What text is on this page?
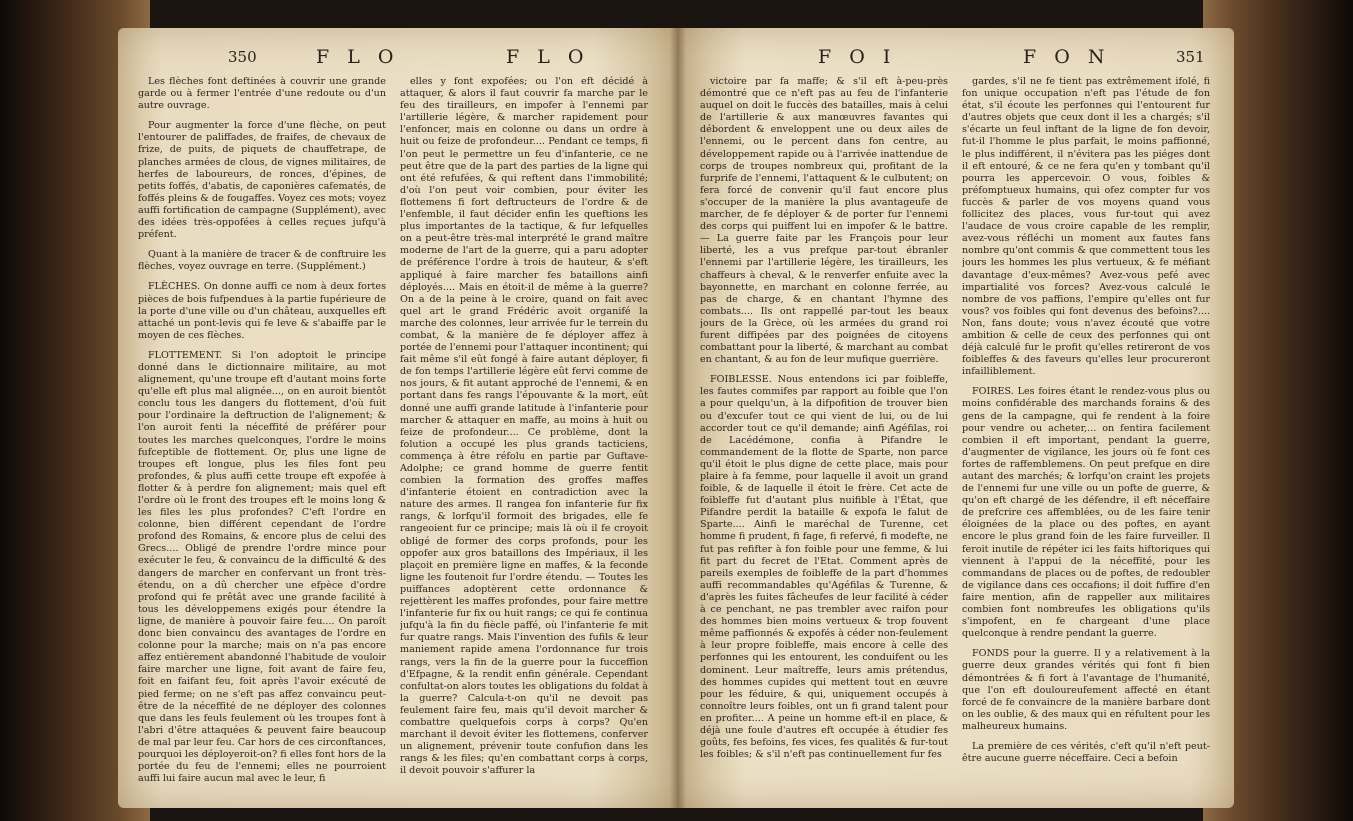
350	F L O	F L O

Les flèches font deftinées à couvrir une grande garde ou à fermer l'entrée d'une redoute ou d'un autre ouvrage.

Pour augmenter la force d'une flèche, on peut l'entourer de paliffades, de fraifes, de chevaux de frize, de puits, de piquets de chauffetrape, de planches armées de clous, de vignes militaires, de herfes de laboureurs, de ronces, d'épines, de petits foffés, d'abatis, de caponières cafematés, de foffés pleins & de fougaffes. Voyez ces mots; voyez auffi fortification de campagne (Supplément), avec des idées très-oppofées à celles reçues jufqu'à préfent.

Quant à la manière de tracer & de conftruire les flèches, voyez ouvrage en terre. (Supplément.)

FLÈCHES. On donne auffi ce nom à deux fortes pièces de bois fufpendues à la partie fupérieure de la porte d'une ville ou d'un château, auxquelles eft attaché un pont-levis qui fe leve & s'abaiffe par le moyen de ces flèches.

FLOTTEMENT. Si l'on adoptoit le principe donné dans le dictionnaire militaire, au mot alignement, qu'une troupe eft d'autant moins forte qu'elle eft plus mal alignée..., on en auroit bientôt conclu tous les dangers du flottement, d'où fuit pour l'ordinaire la deftruction de l'alignement; & l'on auroit fenti la néceffité de préférer pour toutes les marches quelconques, l'ordre le moins fufceptible de flottement. Or, plus une ligne de troupes eft longue, plus les files font peu profondes, & plus auffi cette troupe eft expofée à flotter & à perdre fon alignement; mais quel eft l'ordre où le front des troupes eft le moins long & les files les plus profondes? C'eft l'ordre en colonne, bien différent cependant de l'ordre profond des Romains, & encore plus de celui des Grecs.... Obligé de prendre l'ordre mince pour exécuter le feu, & convaincu de la difficulté & des dangers de marcher en confervant un front très-étendu, on a dû chercher une efpèce d'ordre profond qui fe prêtât avec une grande facilité à tous les développemens exigés pour étendre la ligne, de manière à pouvoir faire feu.... On paroît donc bien convaincu des avantages de l'ordre en colonne pour la marche; mais on n'a pas encore affez entièrement abandonné l'habitude de vouloir faire marcher une ligne, foit avant de faire feu, foit en faifant feu, foit après l'avoir exécuté de pied ferme; on ne s'eft pas affez convaincu peut-être de la néceffité de ne déployer des colonnes que dans les feuls feulement où les troupes font à l'abri d'être attaquées & peuvent faire beaucoup de mal par leur feu. Car hors de ces circonftances, pourquoi les déployeroit-on? fi elles font hors de la portée du feu de l'ennemi; elles ne pourroient auffi lui faire aucun mal avec le leur, fi

elles y font expofées; ou l'on eft décidé à attaquer, & alors il faut couvrir fa marche par le feu des tirailleurs, en impofer à l'ennemi par l'artillerie légère, & marcher rapidement pour l'enfoncer, mais en colonne ou dans un ordre à huit ou feize de profondeur.... Pendant ce temps, fi l'on peut le permettre un feu d'infanterie, ce ne peut être que de la part des parties de la ligne qui ont été refufées, & qui reftent dans l'immobilité; d'où l'on peut voir combien, pour éviter les flottemens fi fort deftructeurs de l'ordre & de l'enfemble, il faut décider enfin les queftions les plus importantes de la tactique, & fur lefquelles on a peut-être très-mal interprété le grand maître moderne de l'art de la guerre, qui a paru adopter de préférence l'ordre à trois de hauteur, & s'eft appliqué à faire marcher fes bataillons ainfi déployés.... Mais en étoit-il de même à la guerre? On a de la peine à le croire, quand on fait avec quel art le grand Frédéric avoit organifé la marche des colonnes, leur arrivée fur le terrein du combat, & la manière de fe déployer affez à portée de l'ennemi pour l'attaquer incontinent; qui fait même s'il eût fongé à faire autant déployer, fi de fon temps l'artillerie légère eût fervi comme de nos jours, & fit autant approché de l'ennemi, & en portant dans fes rangs l'épouvante & la mort, eût donné une auffi grande latitude à l'infanterie pour marcher & attaquer en maffe, au moins à huit ou feize de profondeur.... Ce problème, dont la folution a occupé les plus grands tacticiens, commença à être réfolu en partie par Guftave-Adolphe; ce grand homme de guerre fentit combien la formation des groffes maffes d'infanterie étoient en contradiction avec la nature des armes. Il rangea fon infanterie fur fix rangs, & lorfqu'il formoit des brigades, elle fe rangeoient fur ce principe; mais là où il fe croyoit obligé de former des corps profonds, pour les oppofer aux gros bataillons des Impériaux, il les plaçoit en première ligne en maffes, & la feconde ligne les foutenoit fur l'ordre étendu. — Toutes les puiffances adoptèrent cette ordonnance & rejettèrent les maffes profondes, pour faire mettre l'infanterie fur fix ou huit rangs; ce qui fe continua jufqu'à la fin du fiècle paffé, où l'infanterie fe mit fur quatre rangs. Mais l'invention des fufils & leur maniement rapide amena l'ordonnance fur trois rangs, vers la fin de la guerre pour la fucceffion d'Efpagne, & la rendit enfin générale. Cependant confultat-on alors toutes les obligations du foldat à la guerre? Calcula-t-on qu'il ne devoit pas feulement faire feu, mais qu'il devoit marcher & combattre quelquefois corps à corps? Qu'en marchant il devoit éviter les flottemens, conferver un alignement, prévenir toute confufion dans les rangs & les files; qu'en combattant corps à corps, il devoit pouvoir s'affurer la

F O I	F O N	351

victoire par fa maffe; & s'il eft à-peu-près démontré que ce n'eft pas au feu de l'infanterie auquel on doit le fuccès des batailles, mais à celui de l'artillerie & aux manœuvres favantes qui débordent & enveloppent une ou deux ailes de l'ennemi, ou le percent dans fon centre, au développement rapide ou à l'arrivée inattendue de corps de troupes nombreux qui, profitant de la furprife de l'ennemi, l'attaquent & le culbutent; on fera forcé de convenir qu'il faut encore plus s'occuper de la manière la plus avantageufe de marcher, de fe déployer & de porter fur l'ennemi des corps qui puiffent lui en impofer & le battre. — La guerre faite par les François pour leur liberté, les a vus prefque par-tout ébranler l'ennemi par l'artillerie légère, les tirailleurs, les chaffeurs à cheval, & le renverfer enfuite avec la bayonnette, en marchant en colonne ferrée, au pas de charge, & en chantant l'hymne des combats.... Ils ont rappellé par-tout les beaux jours de la Grèce, où les armées du grand roi furent diffipées par des poignées de citoyens combattant pour la liberté, & marchant au combat en chantant, & au fon de leur mufique guerrière.

FOIBLESSE. Nous entendons ici par foibleffe, les fautes commifes par rapport au foible que l'on a pour quelqu'un, à la difpofition de trouver bien ou d'excufer tout ce qui vient de lui, ou de lui accorder tout ce qu'il demande; ainfi Agéfilas, roi de Lacédémone, confia à Pifandre le commandement de la flotte de Sparte, non parce qu'il étoit le plus digne de cette place, mais pour plaire à fa femme, pour laquelle il avoit un grand foible, & de laquelle il étoit le frère. Cet acte de foibleffe fut d'autant plus nuifible à l'État, que Pifandre perdit la bataille & expofa le falut de Sparte.... Ainfi le maréchal de Turenne, cet homme fi prudent, fi fage, fi refervé, fi modefte, ne fut pas refifter à fon foible pour une femme, & lui fit part du fecret de l'Etat. Comment après de pareils exemples de foibleffe de la part d'hommes auffi recommandables qu'Agéfilas & Turenne, & d'après les fuites fâcheufes de leur facilité à céder à ce penchant, ne pas trembler avec raifon pour des hommes bien moins vertueux & trop fouvent même paffionnés & expofés à céder non-feulement à leur propre foibleffe, mais encore à celle des perfonnes qui les entourent, les conduifent ou les dominent. Leur maîtreffe, leurs amis prétendus, des hommes cupides qui mettent tout en œuvre pour les féduire, & qui, uniquement occupés à connoître leurs foibles, ont un fi grand talent pour en profiter.... A peine un homme eft-il en place, & déjà une foule d'autres eft occupée à étudier fes goûts, fes befoins, fes vices, fes qualités & fur-tout les foibles; & s'il n'eft pas continuellement fur fes

gardes, s'il ne fe tient pas extrêmement ifolé, fi fon unique occupation n'eft pas l'étude de fon état, s'il écoute les perfonnes qui l'entourent fur d'autres objets que ceux dont il les a chargés; s'il s'écarte un feul inftant de la ligne de fon devoir, fut-il l'homme le plus parfait, le moins paffionné, le plus indifférent, il n'évitera pas les piéges dont il eft entouré, & ce ne fera qu'en y tombant qu'il pourra les appercevoir. O vous, foibles & préfomptueux humains, qui ofez compter fur vos fuccès & parler de vos moyens quand vous follicitez des places, vous fur-tout qui avez l'audace de vous croire capable de les remplir, avez-vous réfléchi un moment aux fautes fans nombre qu'ont commis & que commettent tous les jours les hommes les plus vertueux, & fe méfiant davantage d'eux-mêmes? Avez-vous pefé avec impartialité vos forces? Avez-vous calculé le nombre de vos paffions, l'empire qu'elles ont fur vous? vos foibles qui font devenus des befoins?.... Non, fans doute; vous n'avez écouté que votre ambition & celle de ceux des perfonnes qui ont déjà calculé fur le profit qu'elles retireront de vos foibleffes & des faveurs qu'elles leur procureront infailliblement.

FOIRES. Les foires étant le rendez-vous plus ou moins confidérable des marchands forains & des gens de la campagne, qui fe rendent à la foire pour vendre ou acheter,... on fentira facilement combien il eft important, pendant la guerre, d'augmenter de vigilance, les jours où fe font ces fortes de raffemblemens. On peut prefque en dire autant des marchés; & lorfqu'on craint les projets de l'ennemi fur une ville ou un pofte de guerre, & qu'on eft chargé de les défendre, il eft néceffaire de prefcrire ces affemblées, ou de les faire tenir éloignées de la place ou des poftes, en ayant encore le plus grand foin de les faire furveiller. Il feroit inutile de répéter ici les faits hiftoriques qui viennent à l'appui de la néceffité, pour les commandans de places ou de poftes, de redoubler de vigilance dans ces occafions; il doit fuffire d'en faire mention, afin de rappeller aux militaires combien font nombreufes les obligations qu'ils s'impofent, en fe chargeant d'une place quelconque à rendre pendant la guerre.

FONDS pour la guerre. Il y a relativement à la guerre deux grandes vérités qui font fi bien démontrées & fi fort à l'avantage de l'humanité, que l'on eft douloureufement affecté en étant forcé de fe convaincre de la manière barbare dont on les oublie, & des maux qui en réfultent pour les malheureux humains.

La première de ces vérités, c'eft qu'il n'eft peut-être aucune guerre néceffaire. Ceci a befoin
